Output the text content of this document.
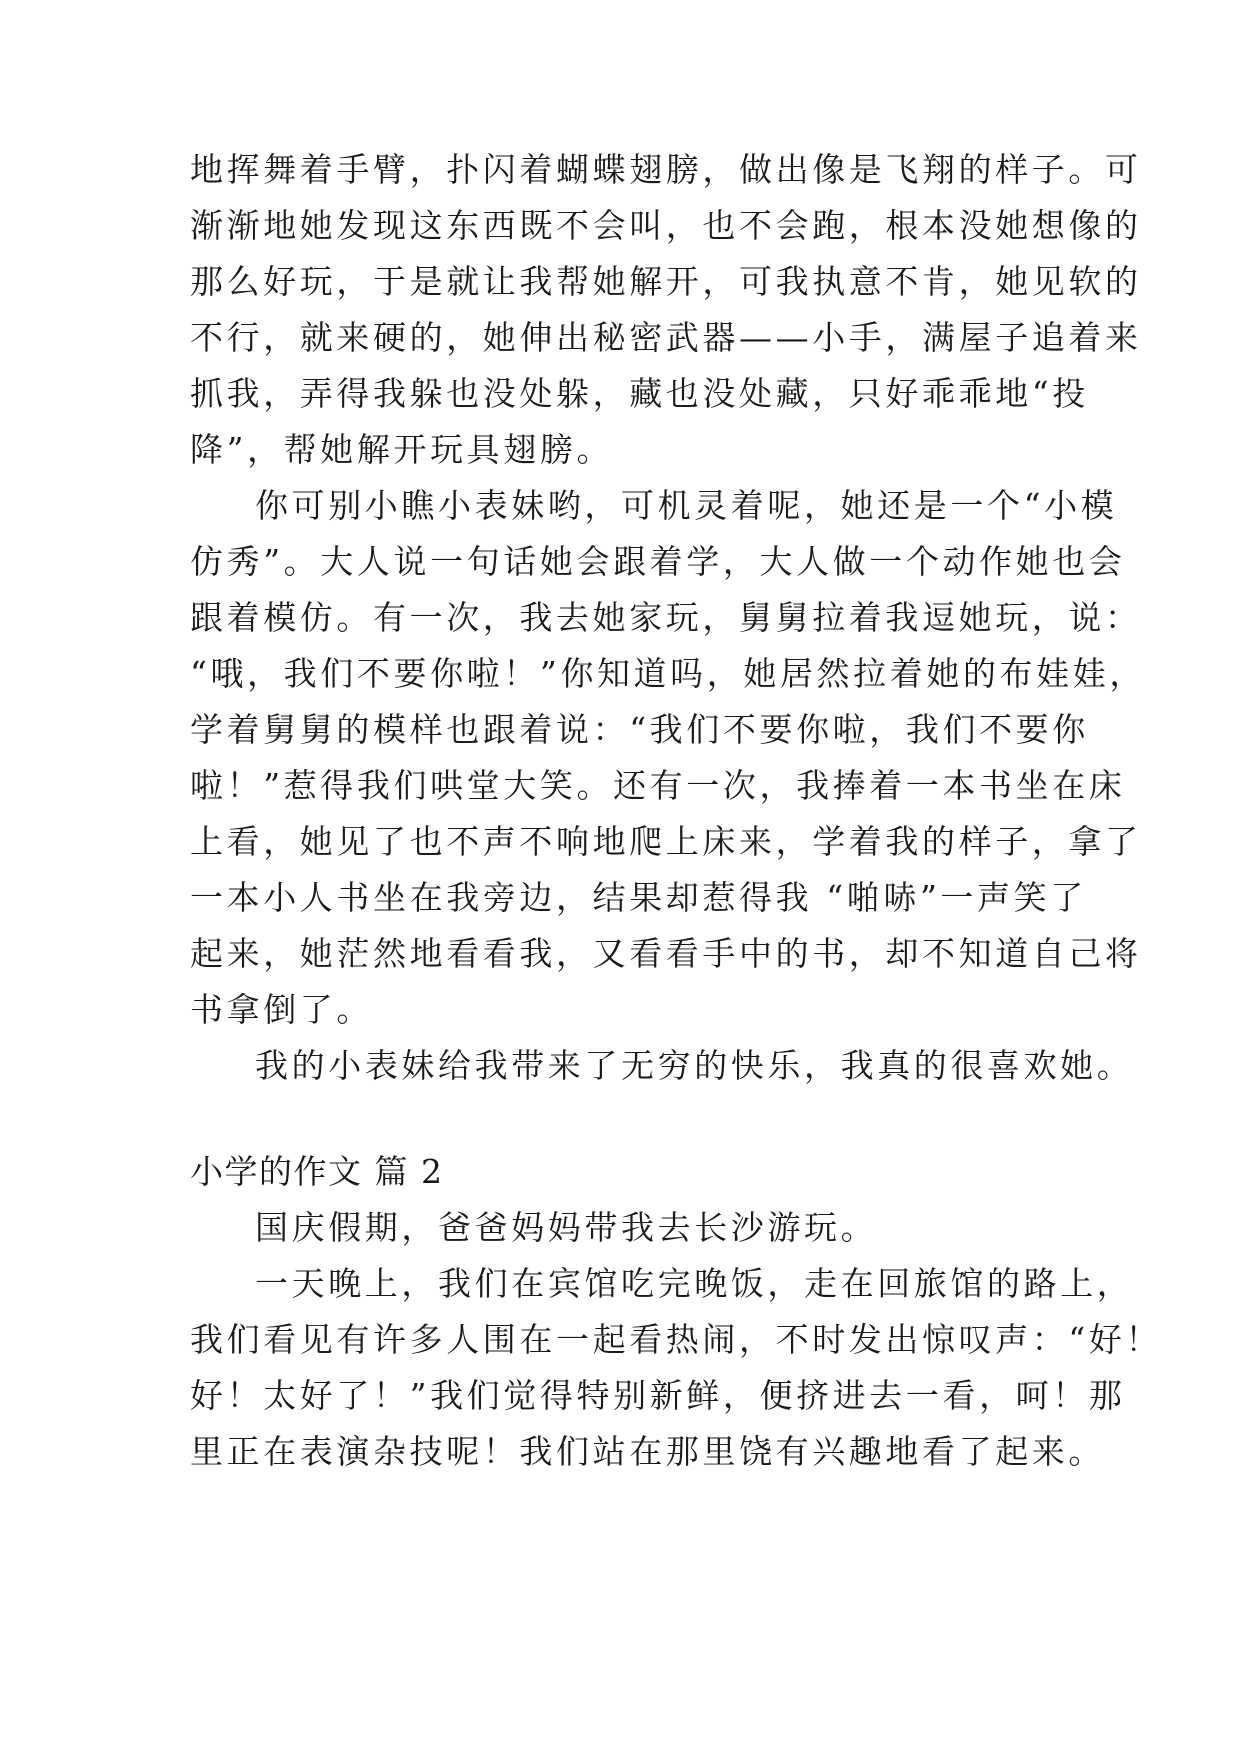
地挥舞着手臂，扑闪着蝴蝶翅膀，做出像是飞翔的样子。可
渐渐地她发现这东西既不会叫，也不会跑，根本没她想像的
那么好玩，于是就让我帮她解开，可我执意不肯，她见软的
不行，就来硬的，她伸出秘密武器——小手，满屋子追着来
抓我，弄得我躲也没处躲，藏也没处藏，只好乖乖地“投
降”，帮她解开玩具翅膀。
你可别小瞧小表妹哟，可机灵着呢，她还是一个“小模
仿秀”。大人说一句话她会跟着学，大人做一个动作她也会
跟着模仿。有一次，我去她家玩，舅舅拉着我逗她玩，说：
“哦，我们不要你啦！”你知道吗，她居然拉着她的布娃娃，
学着舅舅的模样也跟着说：“我们不要你啦，我们不要你
啦！”惹得我们哄堂大笑。还有一次，我捧着一本书坐在床
上看，她见了也不声不响地爬上床来，学着我的样子，拿了
一本小人书坐在我旁边，结果却惹得我 “啪哧”一声笑了
起来，她茫然地看看我，又看看手中的书，却不知道自己将
书拿倒了。
我的小表妹给我带来了无穷的快乐，我真的很喜欢她。
小学的作文 篇 2
国庆假期，爸爸妈妈带我去长沙游玩。
一天晚上，我们在宾馆吃完晚饭，走在回旅馆的路上，
我们看见有许多人围在一起看热闹，不时发出惊叹声：“好！
好！太好了！”我们觉得特别新鲜，便挤进去一看，呵！那
里正在表演杂技呢！我们站在那里饶有兴趣地看了起来。
